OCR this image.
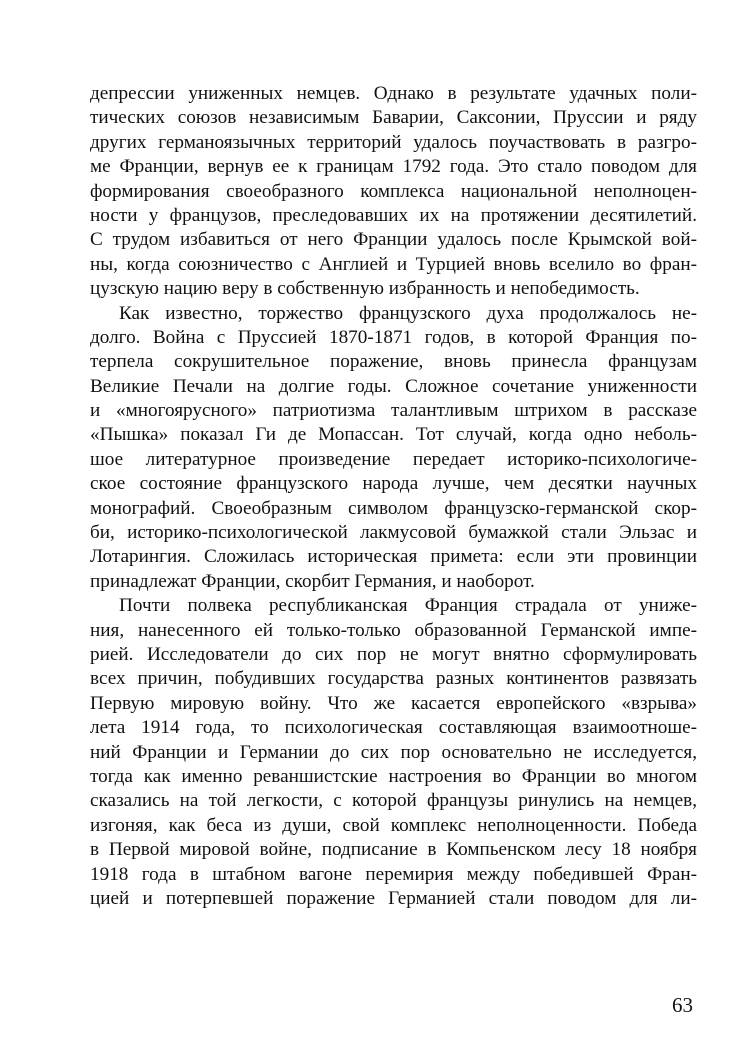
депрессии униженных немцев. Однако в результате удачных поли-
тических союзов независимым Баварии, Саксонии, Пруссии и ряду
других германоязычных территорий удалось поучаствовать в разгро-
ме Франции, вернув ее к границам 1792 года. Это стало поводом для
формирования своеобразного комплекса национальной неполноцен-
ности у французов, преследовавших их на протяжении десятилетий.
С трудом избавиться от него Франции удалось после Крымской вой-
ны, когда союзничество с Англией и Турцией вновь вселило во фран-
цузскую нацию веру в собственную избранность и непобедимость.
Как известно, торжество французского духа продолжалось не-
долго. Война с Пруссией 1870-1871 годов, в которой Франция по-
терпела сокрушительное поражение, вновь принесла французам
Великие Печали на долгие годы. Сложное сочетание униженности
и «многоярусного» патриотизма талантливым штрихом в рассказе
«Пышка» показал Ги де Мопассан. Тот случай, когда одно неболь-
шое литературное произведение передает историко-психологиче-
ское состояние французского народа лучше, чем десятки научных
монографий. Своеобразным символом французско-германской скор-
би, историко-психологической лакмусовой бумажкой стали Эльзас и
Лотарингия. Сложилась историческая примета: если эти провинции
принадлежат Франции, скорбит Германия, и наоборот.
Почти полвека республиканская Франция страдала от униже-
ния, нанесенного ей только-только образованной Германской импе-
рией. Исследователи до сих пор не могут внятно сформулировать
всех причин, побудивших государства разных континентов развязать
Первую мировую войну. Что же касается европейского «взрыва»
лета 1914 года, то психологическая составляющая взаимоотноше-
ний Франции и Германии до сих пор основательно не исследуется,
тогда как именно реваншистские настроения во Франции во многом
сказались на той легкости, с которой французы ринулись на немцев,
изгоняя, как беса из души, свой комплекс неполноценности. Победа
в Первой мировой войне, подписание в Компьенском лесу 18 ноября
1918 года в штабном вагоне перемирия между победившей Фран-
цией и потерпевшей поражение Германией стали поводом для ли-
63
